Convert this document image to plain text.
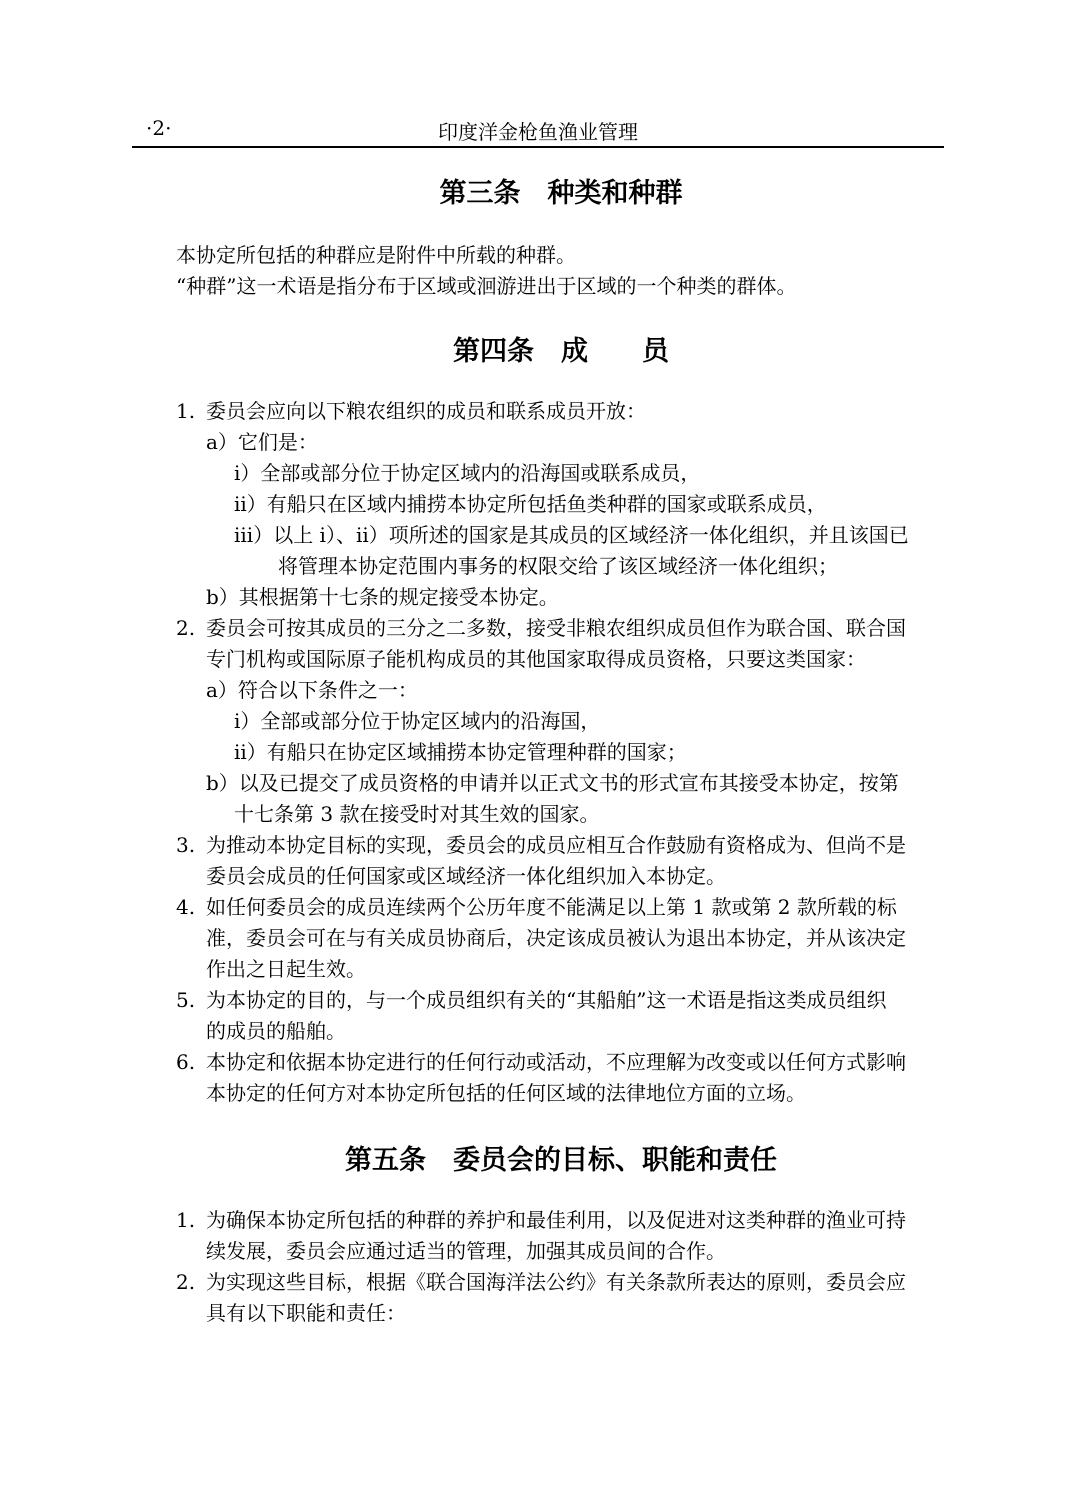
·2·	印度洋金枪鱼渔业管理
第三条　种类和种群

本协定所包括的种群应是附件中所载的种群。

“种群”这一术语是指分布于区域或洄游进出于区域的一个种类的群体。

第四条　成　　员
1. 委员会应向以下粮农组织的成员和联系成员开放：

a）它们是：

i）全部或部分位于协定区域内的沿海国或联系成员，

ii）有船只在区域内捕捞本协定所包括鱼类种群的国家或联系成员，

iii）以上 i）、ii）项所述的国家是其成员的区域经济一体化组织，并且该国已

将管理本协定范围内事务的权限交给了该区域经济一体化组织；

b）其根据第十七条的规定接受本协定。

2. 委员会可按其成员的三分之二多数，接受非粮农组织成员但作为联合国、联合国

专门机构或国际原子能机构成员的其他国家取得成员资格，只要这类国家：

a）符合以下条件之一：

i）全部或部分位于协定区域内的沿海国，

ii）有船只在协定区域捕捞本协定管理种群的国家；

b）以及已提交了成员资格的申请并以正式文书的形式宣布其接受本协定，按第

十七条第 3 款在接受时对其生效的国家。

3. 为推动本协定目标的实现，委员会的成员应相互合作鼓励有资格成为、但尚不是

委员会成员的任何国家或区域经济一体化组织加入本协定。

4. 如任何委员会的成员连续两个公历年度不能满足以上第 1 款或第 2 款所载的标

准，委员会可在与有关成员协商后，决定该成员被认为退出本协定，并从该决定

作出之日起生效。

5. 为本协定的目的，与一个成员组织有关的“其船舶”这一术语是指这类成员组织

的成员的船舶。

6. 本协定和依据本协定进行的任何行动或活动，不应理解为改变或以任何方式影响

本协定的任何方对本协定所包括的任何区域的法律地位方面的立场。

第五条　委员会的目标、职能和责任
1. 为确保本协定所包括的种群的养护和最佳利用，以及促进对这类种群的渔业可持

续发展，委员会应通过适当的管理，加强其成员间的合作。

2. 为实现这些目标，根据《联合国海洋法公约》有关条款所表达的原则，委员会应

具有以下职能和责任：
